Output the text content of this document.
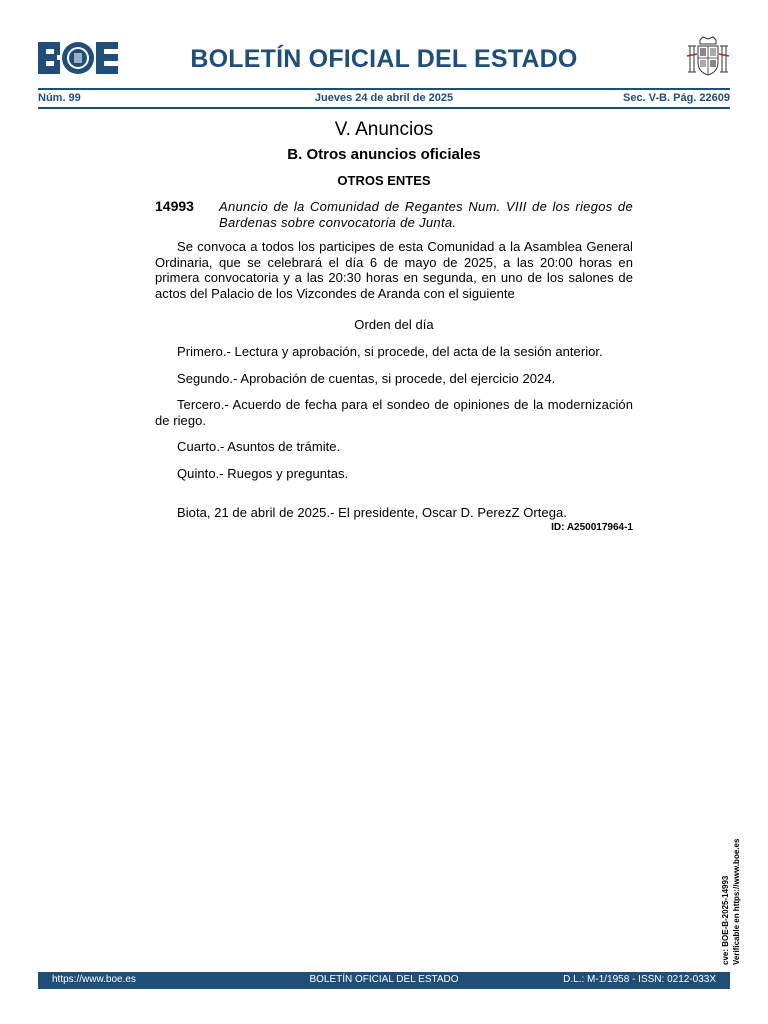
BOLETÍN OFICIAL DEL ESTADO
Núm. 99	Jueves 24 de abril de 2025	Sec. V-B. Pág. 22609
V. Anuncios
B. Otros anuncios oficiales
OTROS ENTES
14993 Anuncio de la Comunidad de Regantes Num. VIII de los riegos de Bardenas sobre convocatoria de Junta.
Se convoca a todos los participes de esta Comunidad a la Asamblea General Ordinaria, que se celebrará el día 6 de mayo de 2025, a las 20:00 horas en primera convocatoria y a las 20:30 horas en segunda, en uno de los salones de actos del Palacio de los Vizcondes de Aranda con el siguiente
Orden del día
Primero.- Lectura y aprobación, si procede, del acta de la sesión anterior.
Segundo.- Aprobación de cuentas, si procede, del ejercicio 2024.
Tercero.- Acuerdo de fecha para el sondeo de opiniones de la modernización de riego.
Cuarto.- Asuntos de trámite.
Quinto.- Ruegos y preguntas.
Biota, 21 de abril de 2025.- El presidente, Oscar D. PerezZ Ortega.
ID: A250017964-1
cve: BOE-B-2025-14993 Verificable en https://www.boe.es
https://www.boe.es	BOLETÍN OFICIAL DEL ESTADO	D.L.: M-1/1958 - ISSN: 0212-033X
